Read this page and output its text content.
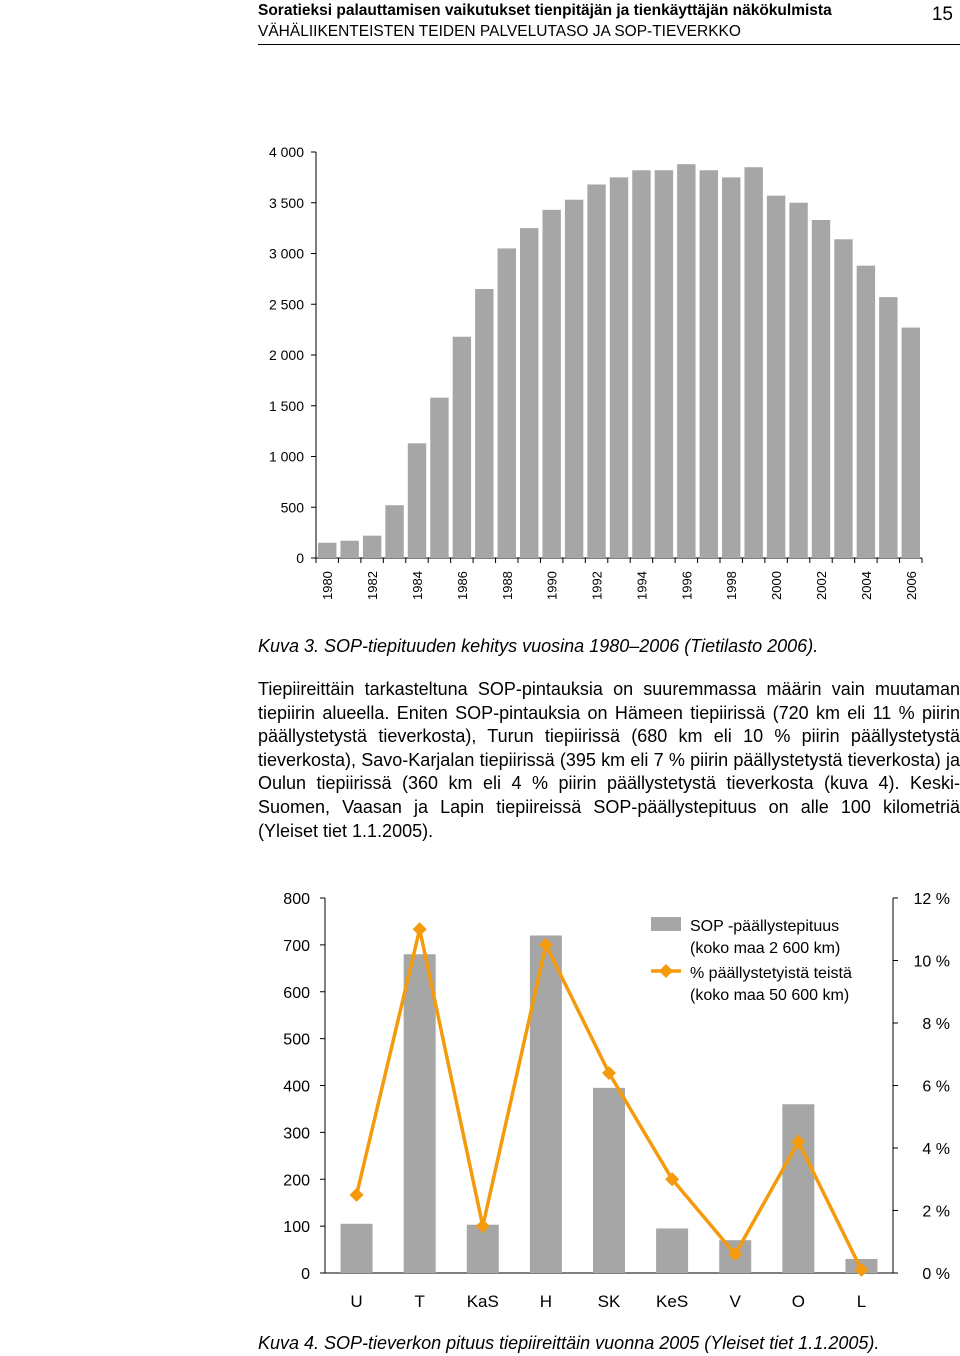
Soratieksi palauttamisen vaikutukset tienpitäjän ja tienkäyttäjän näkökulmista
VÄHÄLIIKENTEISTEN TEIDEN PALVELUTASO JA SOP-TIEVERKKO
15
0
500
1 000
1 500
2 000
2 500
3 000
3 500
4 000
1980 1982 1984 1986 1988 1990 1992 1994 1996 1998 2000 2002 2004 2006
Kuva 3. SOP-tiepituuden kehitys vuosina 1980–2006 (Tietilasto 2006).
Tiepiireittäin tarkasteltuna SOP-pintauksia on suuremmassa määrin vain muutaman tiepiirin alueella. Eniten SOP-pintauksia on Hämeen tiepiirissä (720 km eli 11 % piirin päällystetystä tieverkosta), Turun tiepiirissä (680 km eli 10 % piirin päällystetystä tieverkosta), Savo-Karjalan tiepiirissä (395 km eli 7 % piirin päällystetystä tieverkosta) ja Oulun tiepiirissä (360 km eli 4 % piirin päällystetystä tieverkosta (kuva 4). Keski-Suomen, Vaasan ja Lapin tiepiireissä SOP-päällystepituus on alle 100 kilometriä (Yleiset tiet 1.1.2005).
0
100
200
300
400
500
600
700
800
0 %
2 %
4 %
6 %
8 %
10 %
12 %
U	T KaS H	SK KeS V	O	L
SOP -päällystepituus
(koko maa 2 600 km)
% päällystetyistä teistä
(koko maa 50 600 km)
Kuva 4. SOP-tieverkon pituus tiepiireittäin vuonna 2005 (Yleiset tiet 1.1.2005).
